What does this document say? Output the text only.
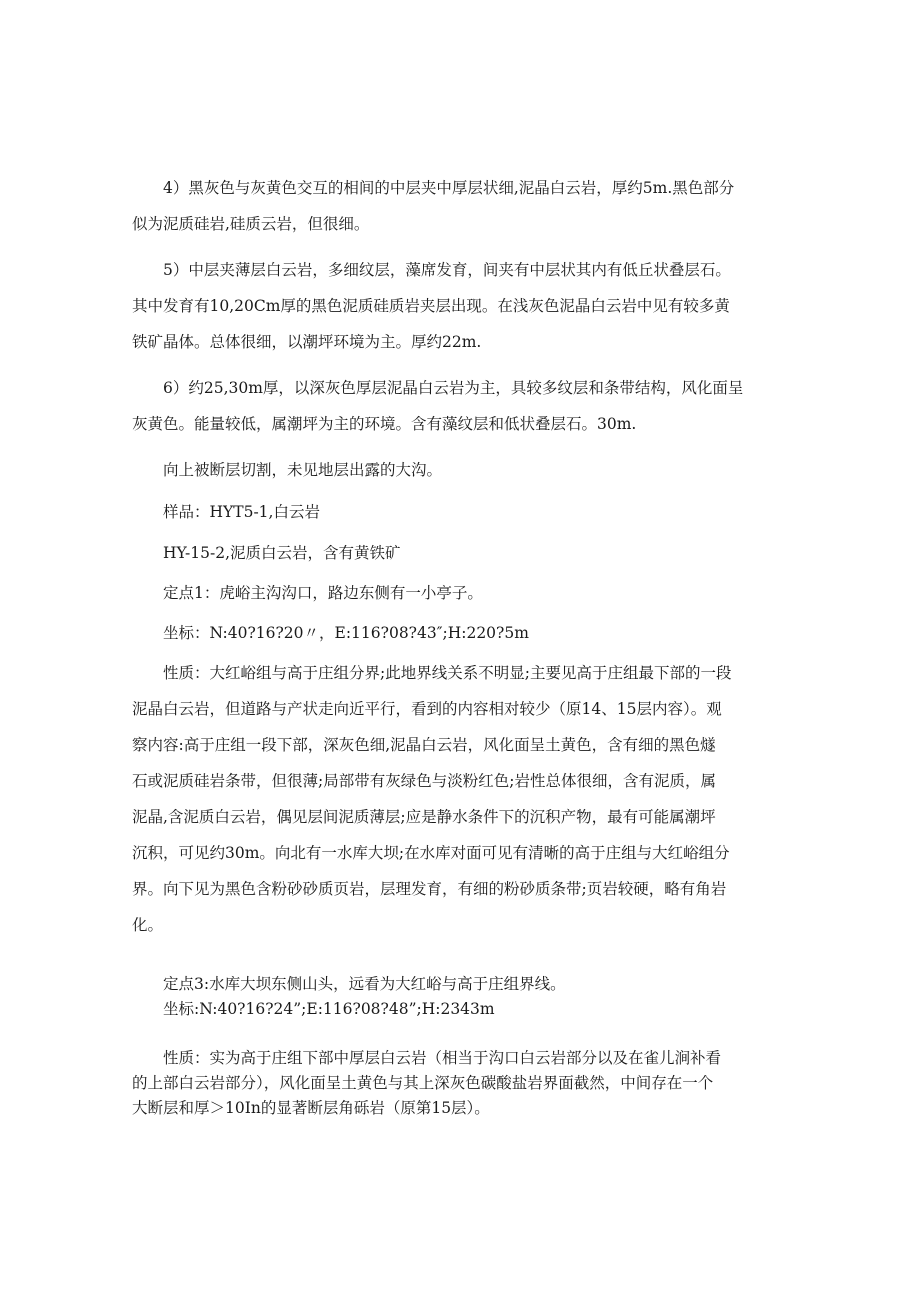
4）黑灰色与灰黄色交互的相间的中层夹中厚层状细,泥晶白云岩，厚约5m.黑色部分
似为泥质硅岩,硅质云岩，但很细。

5）中层夹薄层白云岩，多细纹层，藻席发育，间夹有中层状其内有低丘状叠层石。
其中发育有10,20Cm厚的黑色泥质硅质岩夹层出现。在浅灰色泥晶白云岩中见有较多黄
铁矿晶体。总体很细，以潮坪环境为主。厚约22m.

6）约25,30m厚，以深灰色厚层泥晶白云岩为主，具较多纹层和条带结构，风化面呈
灰黄色。能量较低，属潮坪为主的环境。含有藻纹层和低状叠层石。30m.

向上被断层切割，未见地层出露的大沟。

样品：HYT5-1,白云岩

HY-15-2,泥质白云岩，含有黄铁矿

定点1：虎峪主沟沟口，路边东侧有一小亭子。

坐标：N:40?16?20〃，E:116?08?43″;H:220?5m

性质：大红峪组与高于庄组分界;此地界线关系不明显;主要见高于庄组最下部的一段
泥晶白云岩，但道路与产状走向近平行，看到的内容相对较少（原14、15层内容）。观
察内容:高于庄组一段下部，深灰色细,泥晶白云岩，风化面呈土黄色，含有细的黑色燧
石或泥质硅岩条带，但很薄;局部带有灰绿色与淡粉红色;岩性总体很细，含有泥质，属
泥晶,含泥质白云岩，偶见层间泥质薄层;应是静水条件下的沉积产物，最有可能属潮坪
沉积，可见约30m。向北有一水库大坝;在水库对面可见有清晰的高于庄组与大红峪组分
界。向下见为黑色含粉砂砂质页岩，层理发育，有细的粉砂质条带;页岩较硬，略有角岩
化。

定点3:水库大坝东侧山头，远看为大红峪与高于庄组界线。
坐标:N:40?16?24”;E:116?08?48”;H:2343m

性质：实为高于庄组下部中厚层白云岩（相当于沟口白云岩部分以及在雀儿涧补看
的上部白云岩部分），风化面呈土黄色与其上深灰色碳酸盐岩界面截然，中间存在一个
大断层和厚＞10In的显著断层角砾岩（原第15层）。
